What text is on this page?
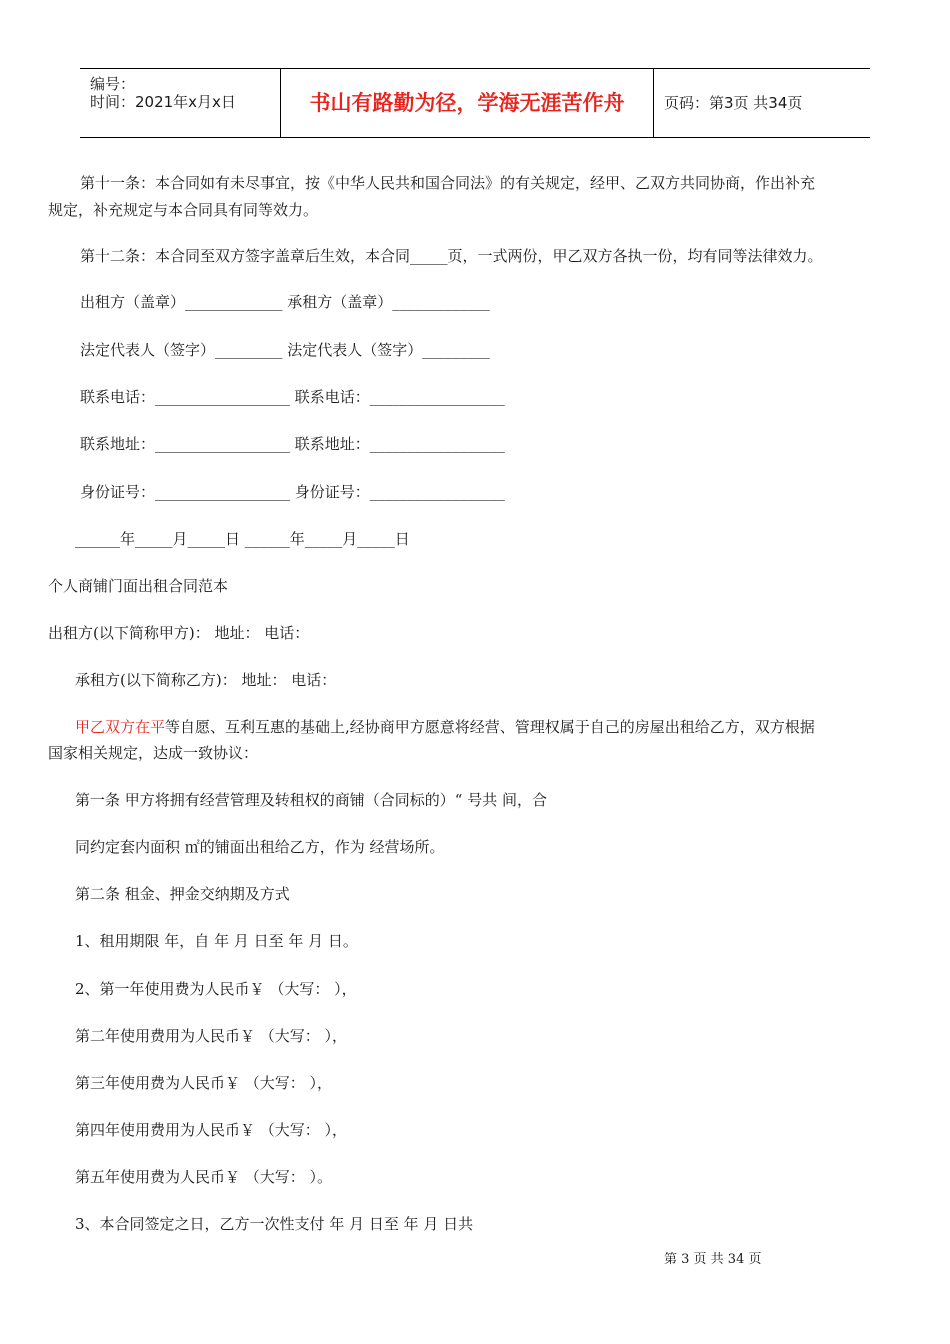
编号：
时间：2021年x月x日	书山有路勤为径，学海无涯苦作舟	页码：第3页 共34页
第十一条：本合同如有未尽事宜，按《中华人民共和国合同法》的有关规定，经甲、乙双方共同协商，作出补充
规定，补充规定与本合同具有同等效力。
第十二条：本合同至双方签字盖章后生效，本合同_____页，一式两份，甲乙双方各执一份，均有同等法律效力。
出租方（盖章）_____________ 承租方（盖章）_____________
法定代表人（签字）_________ 法定代表人（签字）_________
联系电话：__________________ 联系电话：__________________
联系地址：__________________ 联系地址：__________________
身份证号：__________________ 身份证号：__________________
______年_____月_____日 ______年_____月_____日
个人商铺门面出租合同范本
出租方(以下简称甲方)： 地址： 电话：
承租方(以下简称乙方)： 地址： 电话：
甲乙双方在平等自愿、互利互惠的基础上,经协商甲方愿意将经营、管理权属于自己的房屋出租给乙方，双方根据
国家相关规定，达成一致协议：
第一条 甲方将拥有经营管理及转租权的商铺（合同标的）“ 号共 间，合
同约定套内面积 ㎡的铺面出租给乙方，作为 经营场所。
第二条 租金、押金交纳期及方式
1、租用期限 年，自 年 月 日至 年 月 日。
2、第一年使用费为人民币￥ （大写： ），
第二年使用费用为人民币￥ （大写： ），
第三年使用费为人民币￥ （大写： ），
第四年使用费用为人民币￥ （大写： ），
第五年使用费为人民币￥ （大写： ）。
3、本合同签定之日，乙方一次性支付 年 月 日至 年 月 日共
第 3 页 共 34 页
